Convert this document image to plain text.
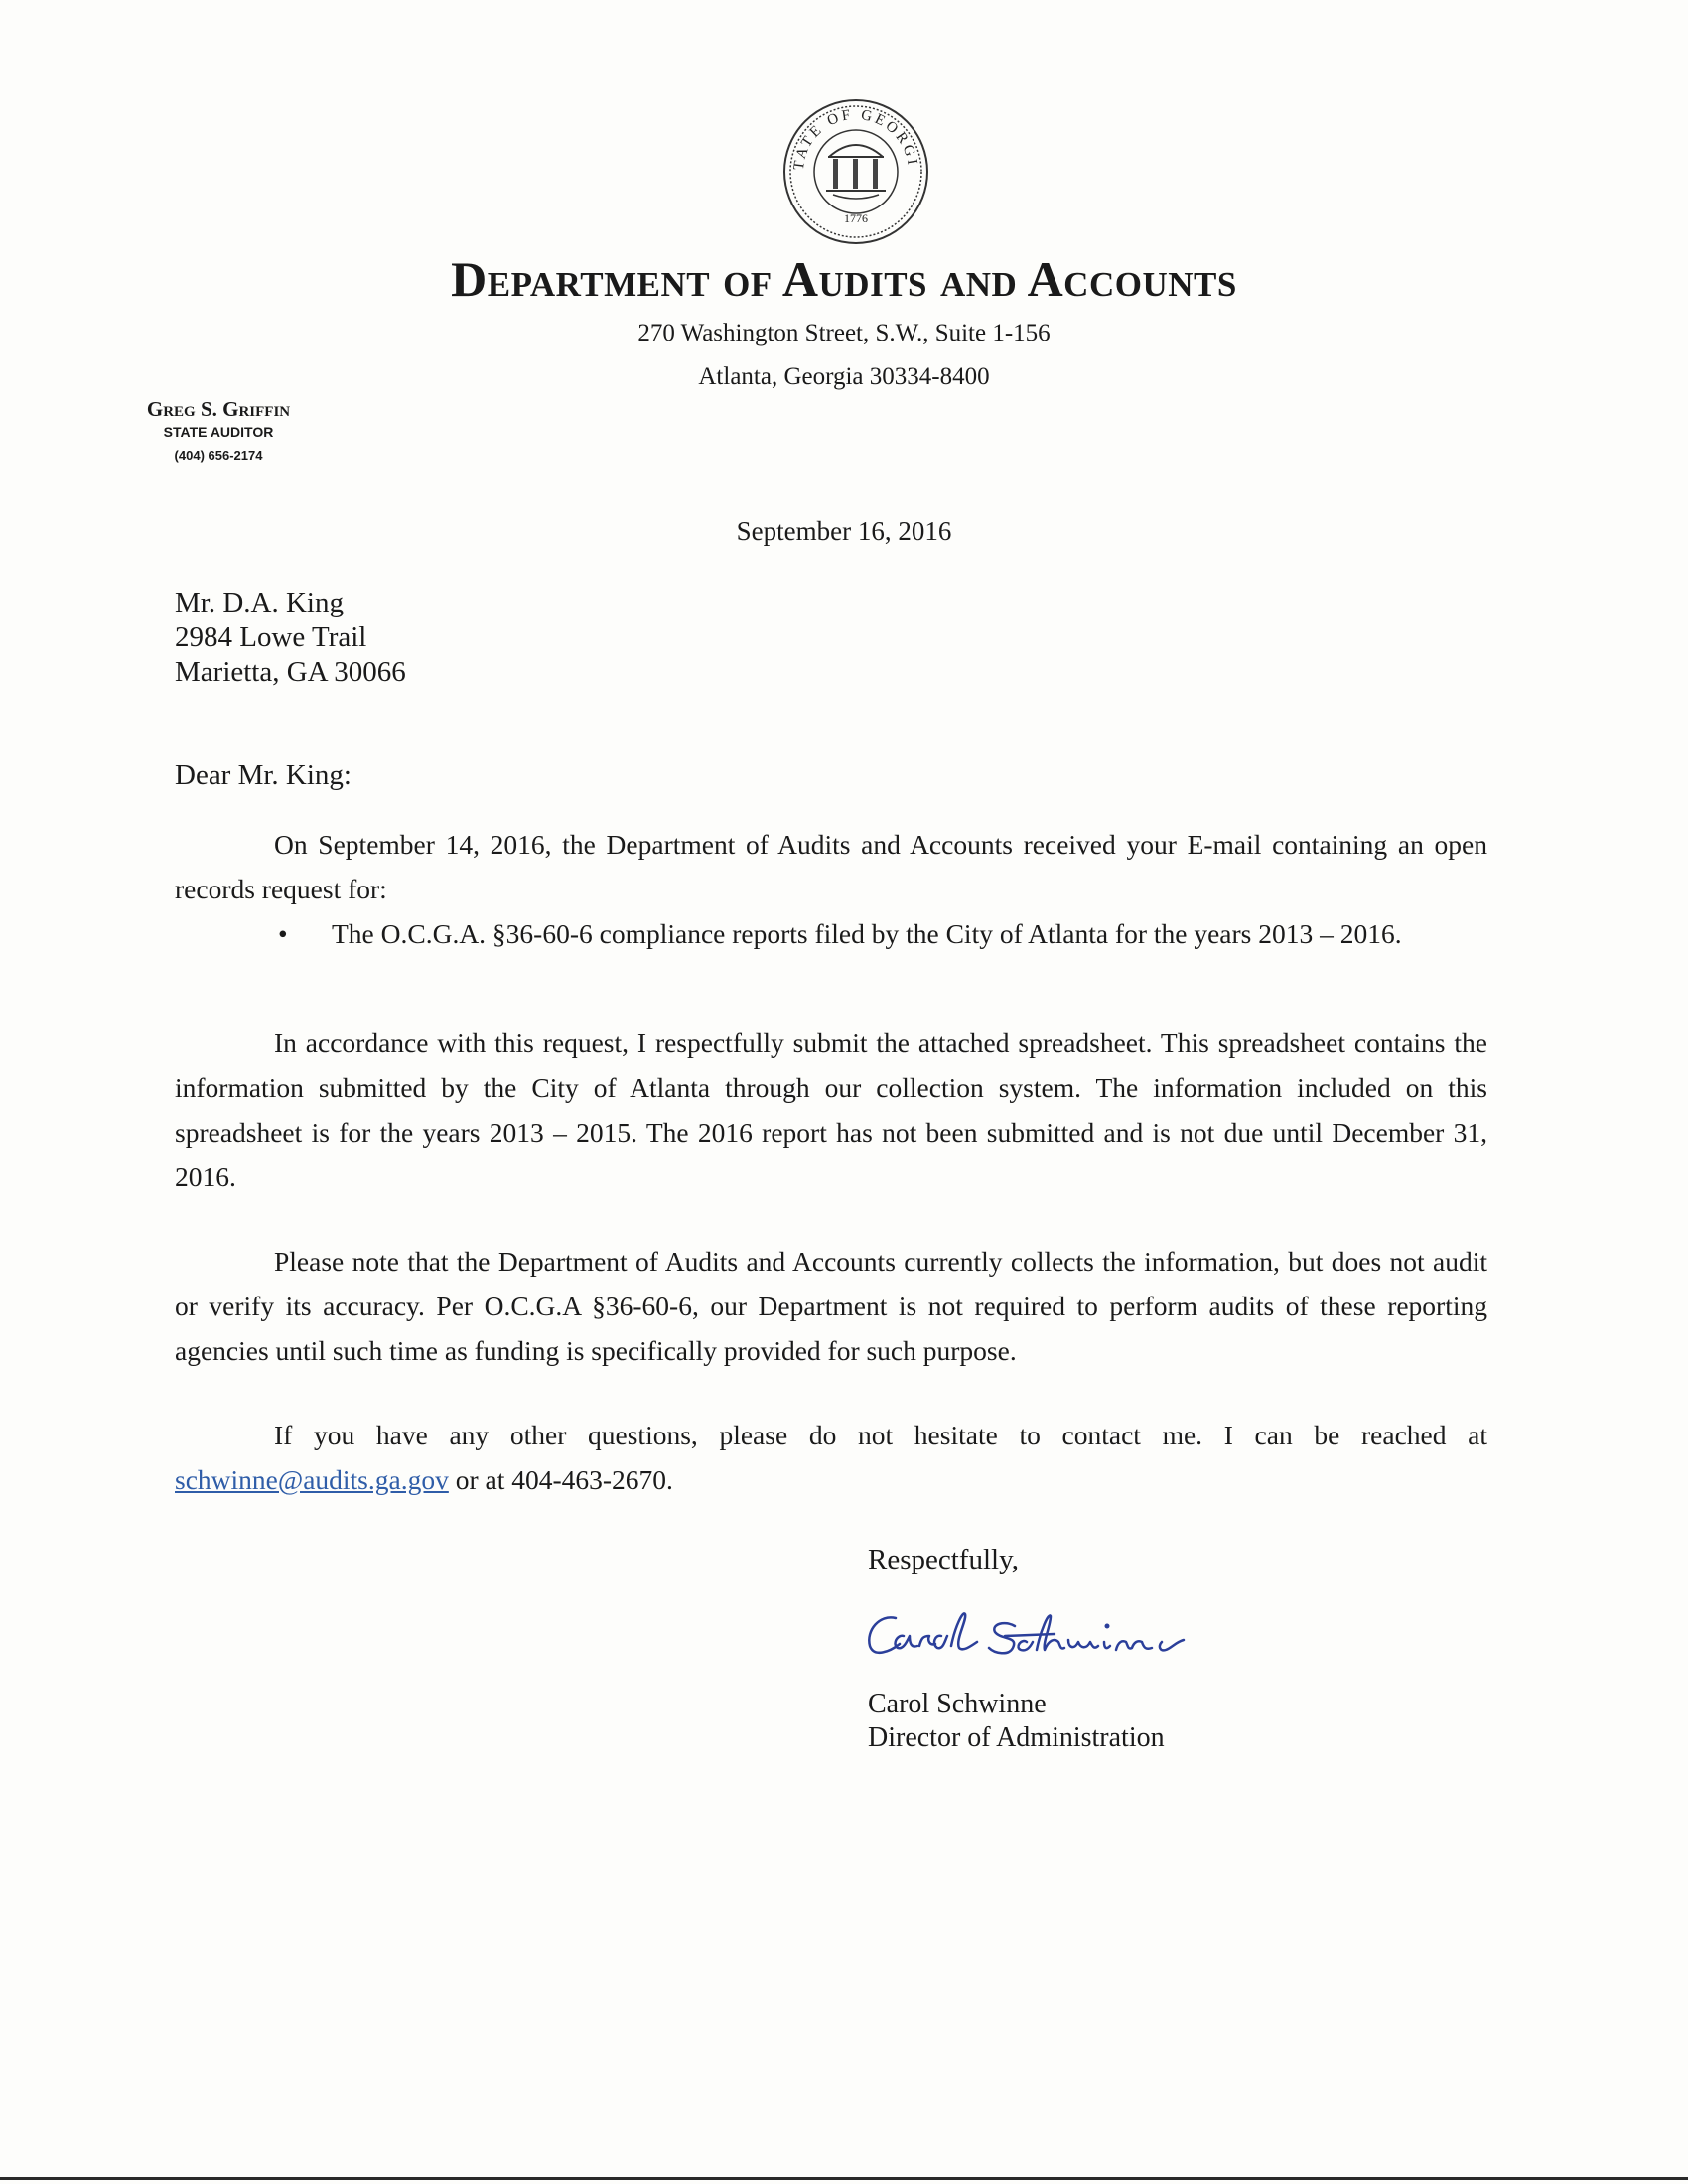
TATE OF GEORGI
1776
Department of Audits and Accounts
270 Washington Street, S.W., Suite 1-156
Atlanta, Georgia 30334-8400
Greg S. Griffin
STATE AUDITOR
(404) 656-2174
September 16, 2016
Mr. D.A. King
2984 Lowe Trail
Marietta, GA 30066
Dear Mr. King:
On September 14, 2016, the Department of Audits and Accounts received your E-mail containing an open records request for:
• The O.C.G.A. §36-60-6 compliance reports filed by the City of Atlanta for the years 2013 – 2016.
In accordance with this request, I respectfully submit the attached spreadsheet. This spreadsheet contains the information submitted by the City of Atlanta through our collection system. The information included on this spreadsheet is for the years 2013 – 2015. The 2016 report has not been submitted and is not due until December 31, 2016.
Please note that the Department of Audits and Accounts currently collects the information, but does not audit or verify its accuracy. Per O.C.G.A §36-60-6, our Department is not required to perform audits of these reporting agencies until such time as funding is specifically provided for such purpose.
If you have any other questions, please do not hesitate to contact me. I can be reached at schwinne@audits.ga.gov or at 404-463-2670.
Respectfully,
Carol Schwinne
Director of Administration
